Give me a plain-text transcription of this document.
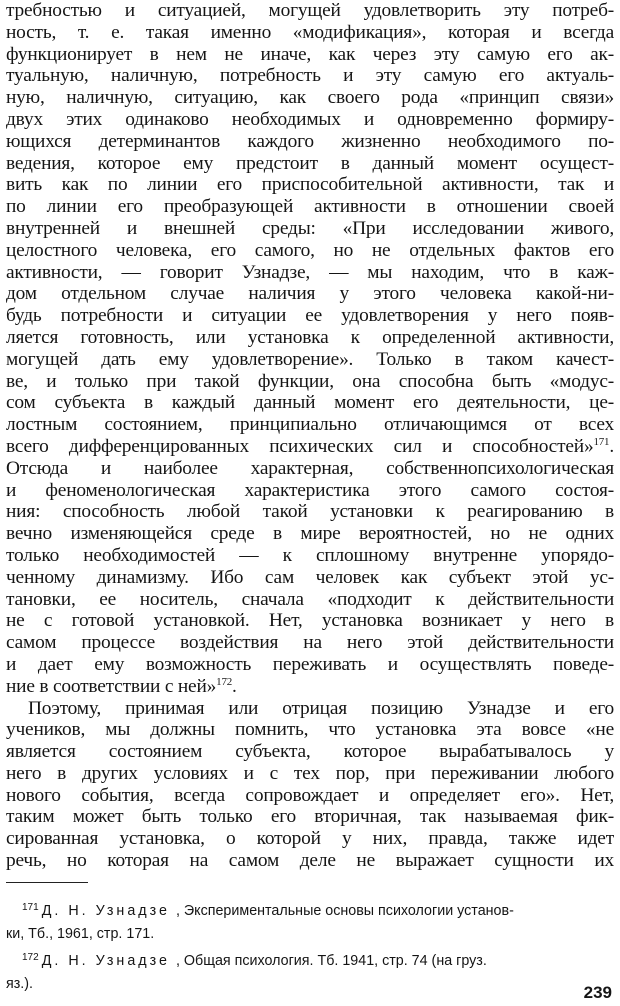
требностью и ситуацией, могущей удовлетворить эту потреб-
ность, т. е. такая именно «модификация», которая и всегда
функционирует в нем не иначе, как через эту самую его ак-
туальную, наличную, потребность и эту самую его актуаль-
ную, наличную, ситуацию, как своего рода «принцип связи»
двух этих одинаково необходимых и одновременно формиру-
ющихся детерминантов каждого жизненно необходимого по-
ведения, которое ему предстоит в данный момент осущест-
вить как по линии его приспособительной активности, так и
по линии его преобразующей активности в отношении своей
внутренней и внешней среды: «При исследовании живого,
целостного человека, его самого, но не отдельных фактов его
активности, — говорит Узнадзе, — мы находим, что в каж-
дом отдельном случае наличия у этого человека какой-ни-
будь потребности и ситуации ее удовлетворения у него появ-
ляется готовность, или установка к определенной активности,
могущей дать ему удовлетворение». Только в таком качест-
ве, и только при такой функции, она способна быть «модус-
сом субъекта в каждый данный момент его деятельности, це-
лостным состоянием, принципиально отличающимся от всех
всего дифференцированных психических сил и способностей»$^{171}$.
Отсюда и наиболее характерная, собственнопсихологическая
и феноменологическая характеристика этого самого состоя-
ния: способность любой такой установки к реагированию в
вечно изменяющейся среде в мире вероятностей, но не одних
только необходимостей — к сплошному внутренне упорядо-
ченному динамизму. Ибо сам человек как субъект этой ус-
тановки, ее носитель, сначала «подходит к действительности
не с готовой установкой. Нет, установка возникает у него в
самом процессе воздействия на него этой действительности
и дает ему возможность переживать и осуществлять поведе-
ние в соответствии с ней»$^{172}$.
Поэтому, принимая или отрицая позицию Узнадзе и его
учеников, мы должны помнить, что установка эта вовсе «не
является состоянием субъекта, которое вырабатывалось у
него в других условиях и с тех пор, при переживании любого
нового события, всегда сопровождает и определяет его». Нет,
таким может быть только его вторичная, так называемая фик-
сированная установка, о которой у них, правда, также идет
речь, но которая на самом деле не выражает сущности их
$^{171}$ Д. Н. Узнадзе , Экспериментальные основы психологии установ-
ки, Тб., 1961, стр. 171.
$^{172}$ Д. Н. Узнадзе , Общая психология. Тб. 1941, стр. 74 (на груз.
яз.).	239
